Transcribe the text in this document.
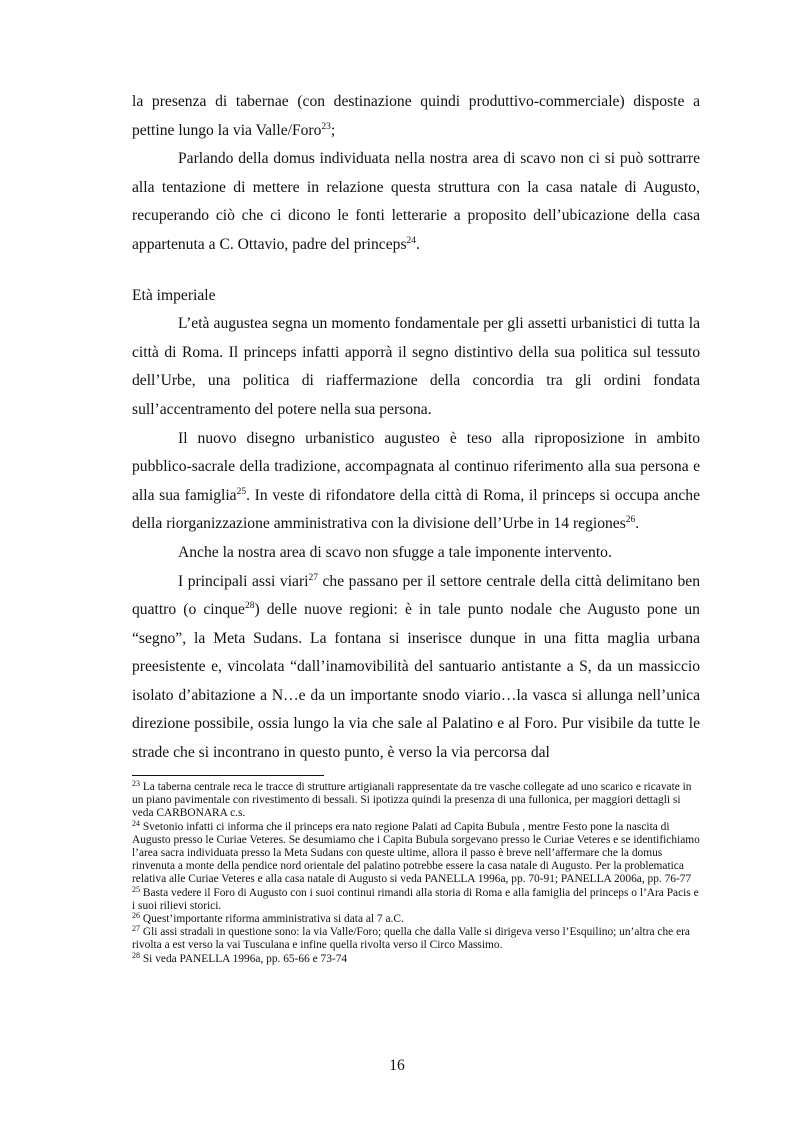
la presenza di tabernae (con destinazione quindi produttivo-commerciale) disposte a pettine lungo la via Valle/Foro$^{23}$;

Parlando della domus individuata nella nostra area di scavo non ci si può sottrarre alla tentazione di mettere in relazione questa struttura con la casa natale di Augusto, recuperando ciò che ci dicono le fonti letterarie a proposito dell’ubicazione della casa appartenuta a C. Ottavio, padre del princeps$^{24}$.

Età imperiale

L’età augustea segna un momento fondamentale per gli assetti urbanistici di tutta la città di Roma. Il princeps infatti apporrà il segno distintivo della sua politica sul tessuto dell’Urbe, una politica di riaffermazione della concordia tra gli ordini fondata sull’accentramento del potere nella sua persona.

Il nuovo disegno urbanistico augusteo è teso alla riproposizione in ambito pubblico-sacrale della tradizione, accompagnata al continuo riferimento alla sua persona e alla sua famiglia$^{25}$. In veste di rifondatore della città di Roma, il princeps si occupa anche della riorganizzazione amministrativa con la divisione dell’Urbe in 14 regiones$^{26}$.

Anche la nostra area di scavo non sfugge a tale imponente intervento.

I principali assi viari$^{27}$ che passano per il settore centrale della città delimitano ben quattro (o cinque$^{28}$) delle nuove regioni: è in tale punto nodale che Augusto pone un “segno”, la Meta Sudans. La fontana si inserisce dunque in una fitta maglia urbana preesistente e, vincolata “dall’inamovibilità del santuario antistante a S, da un massiccio isolato d’abitazione a N…e da un importante snodo viario…la vasca si allunga nell’unica direzione possibile, ossia lungo la via che sale al Palatino e al Foro. Pur visibile da tutte le strade che si incontrano in questo punto, è verso la via percorsa dal

$^{23}$ La taberna centrale reca le tracce di strutture artigianali rappresentate da tre vasche collegate ad uno scarico e ricavate in un piano pavimentale con rivestimento di bessali. Si ipotizza quindi la presenza di una fullonica, per maggiori dettagli si veda CARBONARA c.s.

$^{24}$ Svetonio infatti ci informa che il princeps era nato regione Palati ad Capita Bubula , mentre Festo pone la nascita di Augusto presso le Curiae Veteres. Se desumiamo che i Capita Bubula sorgevano presso le Curiae Veteres e se identifichiamo l’area sacra individuata presso la Meta Sudans con queste ultime, allora il passo è breve nell’affermare che la domus rinvenuta a monte della pendice nord orientale del palatino potrebbe essere la casa natale di Augusto. Per la problematica relativa alle Curiae Veteres e alla casa natale di Augusto si veda PANELLA 1996a, pp. 70-91; PANELLA 2006a, pp. 76-77

$^{25}$ Basta vedere il Foro di Augusto con i suoi continui rimandi alla storia di Roma e alla famiglia del princeps o l’Ara Pacis e i suoi rilievi storici.

$^{26}$ Quest’importante riforma amministrativa si data al 7 a.C.

$^{27}$ Gli assi stradali in questione sono: la via Valle/Foro; quella che dalla Valle si dirigeva verso l’Esquilino; un’altra che era rivolta a est verso la vai Tusculana e infine quella rivolta verso il Circo Massimo.

$^{28}$ Si veda PANELLA 1996a, pp. 65-66 e 73-74

16
